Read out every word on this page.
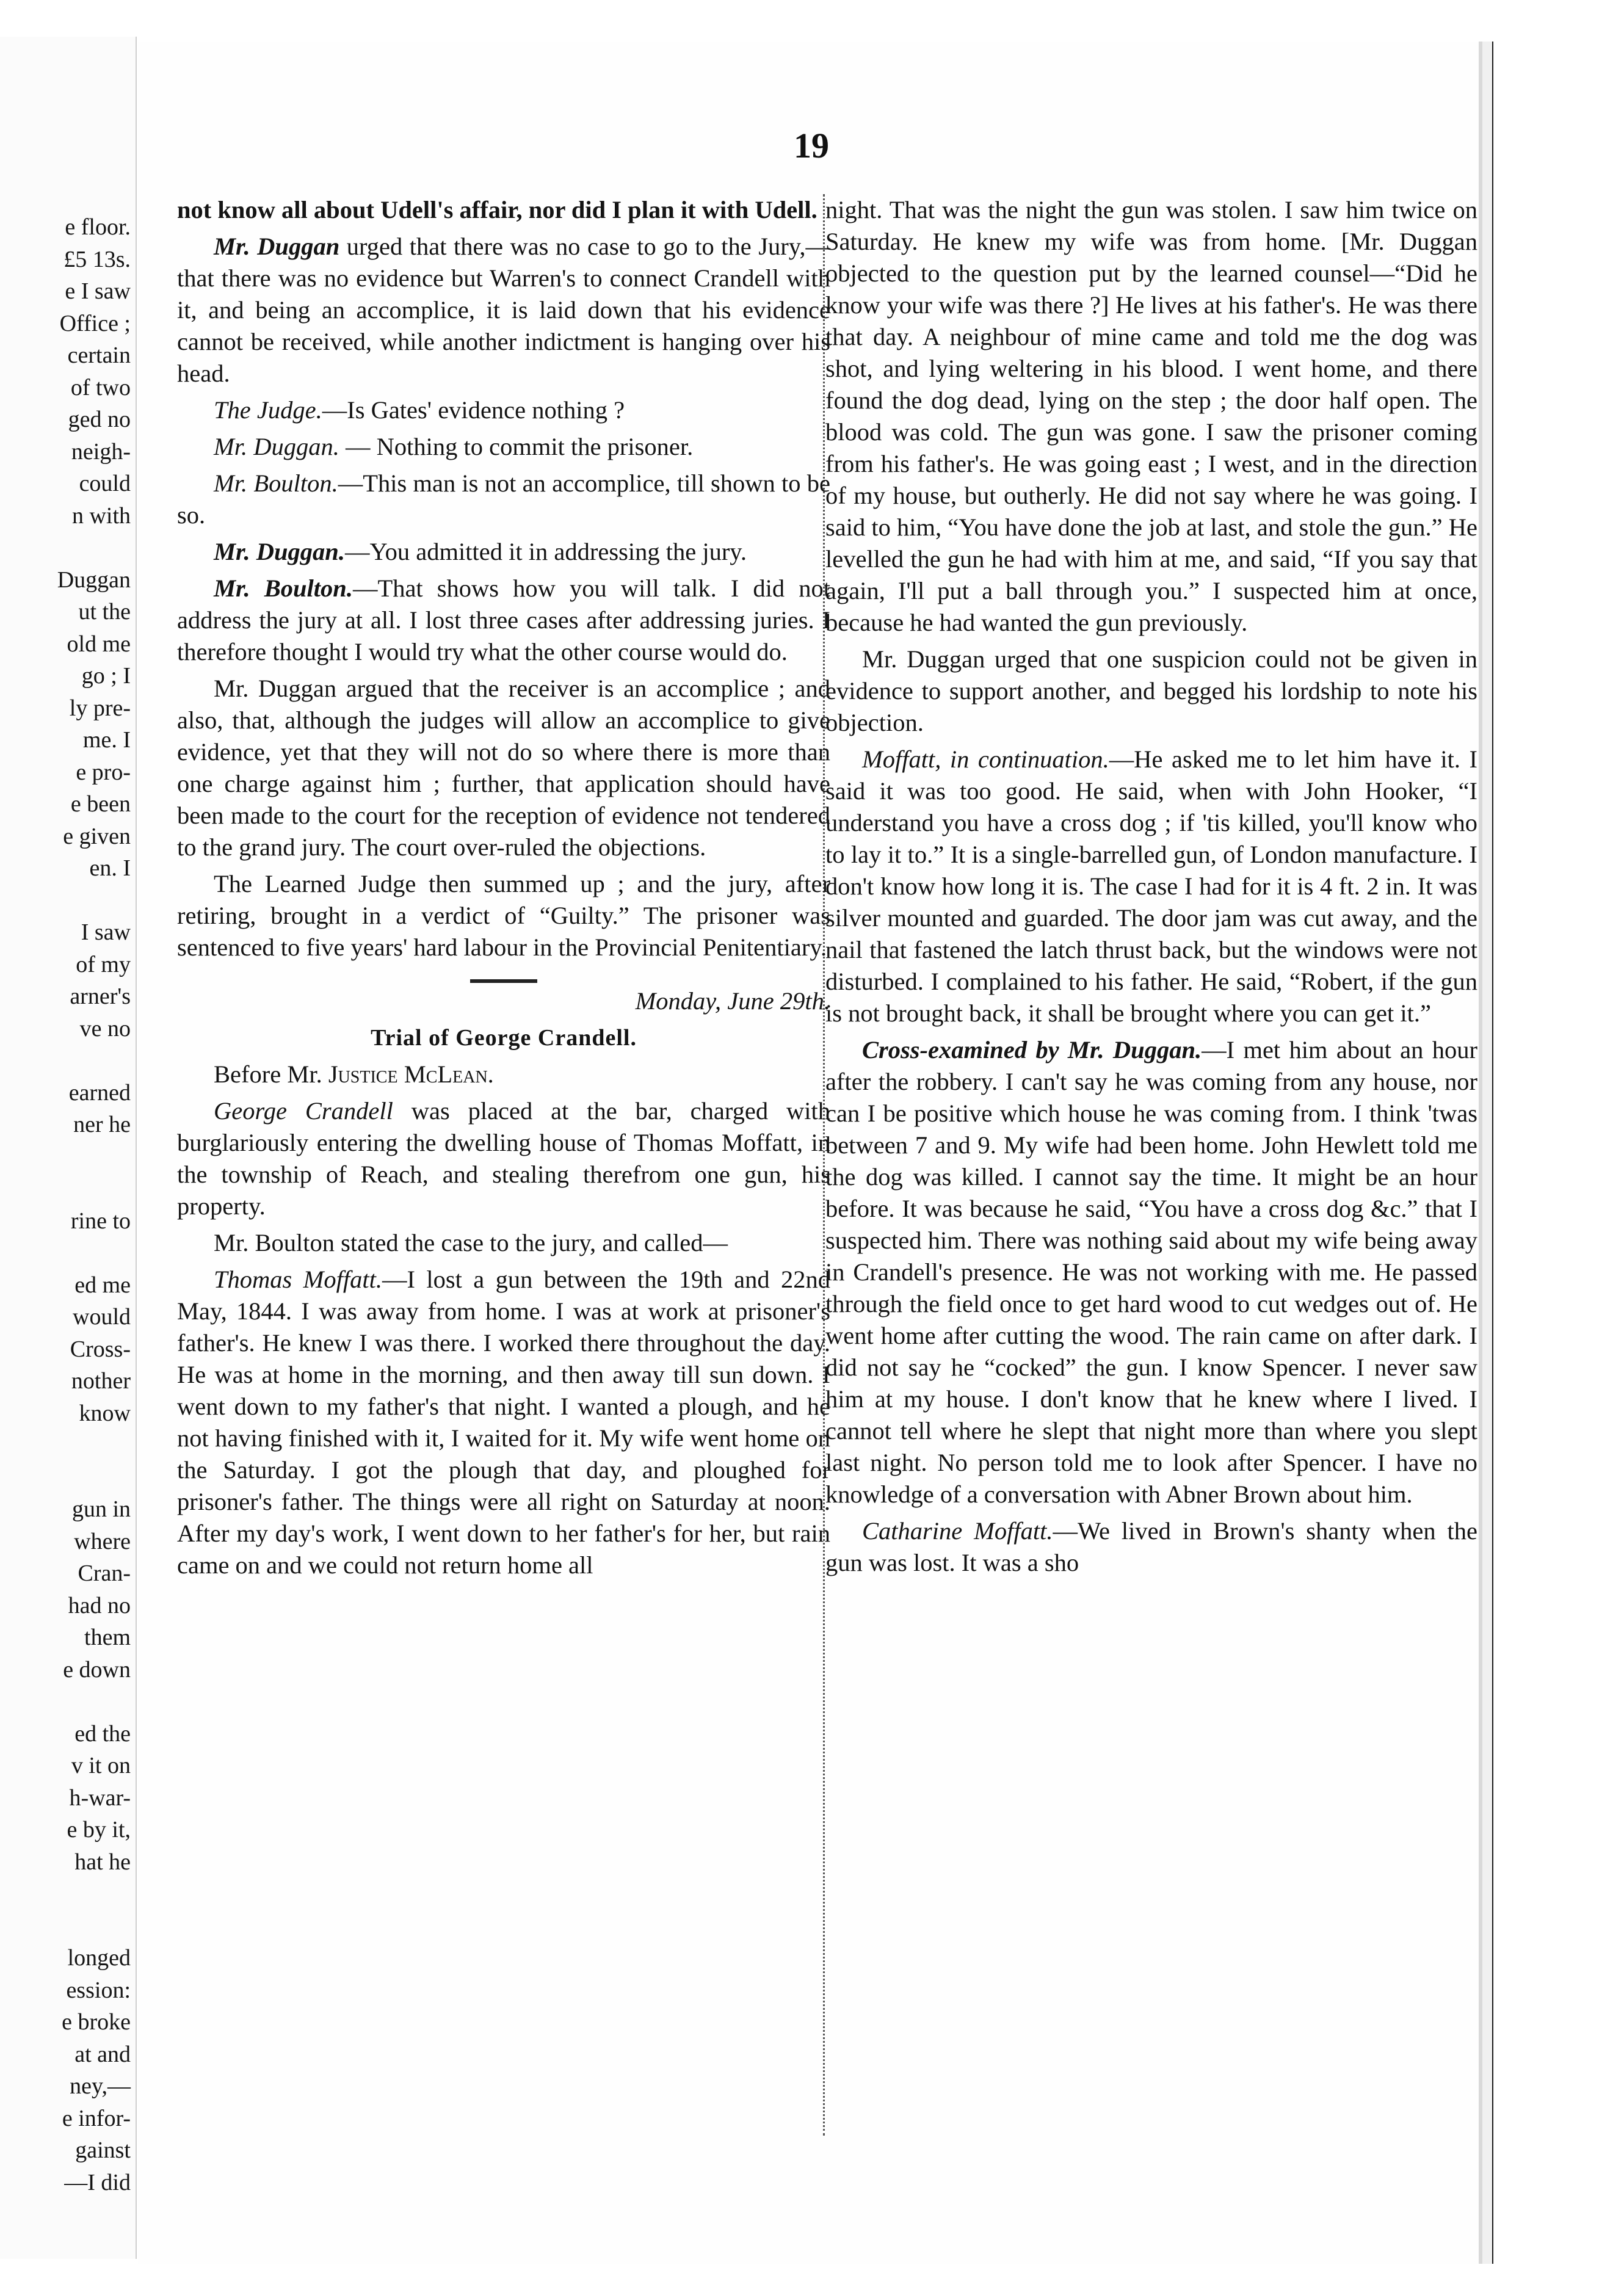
e floor.
£5 13s.
e I saw
Office ;
certain
of two
ged no
neigh-
could
n with
Duggan
ut the
old me
go ; I
ly pre-
me. I
e pro-
e been
e given
en. I
I saw
of my
arner's
ve no
earned
ner he
rine to
ed me
would
Cross-
nother
know
gun in
where
Cran-
had no
them
e down
ed the
v it on
h-war-
e by it,
hat he
longed
ession:
e broke
at and
ney,—
e infor-
gainst
—I did
19

not know all about Udell's affair, nor did I plan it with Udell.

Mr. Duggan urged that there was no case to go to the Jury,—that there was no evidence but Warren's to connect Crandell with it, and being an accomplice, it is laid down that his evidence cannot be received, while another indictment is hanging over his head.

The Judge.—Is Gates' evidence nothing ?

Mr. Duggan. — Nothing to commit the prisoner.

Mr. Boulton.—This man is not an accomplice, till shown to be so.

Mr. Duggan.—You admitted it in addressing the jury.

Mr. Boulton.—That shows how you will talk. I did not address the jury at all. I lost three cases after addressing juries. I therefore thought I would try what the other course would do.

Mr. Duggan argued that the receiver is an accomplice ; and also, that, although the judges will allow an accomplice to give evidence, yet that they will not do so where there is more than one charge against him ; further, that application should have been made to the court for the reception of evidence not tendered to the grand jury. The court over-ruled the objections.

The Learned Judge then summed up ; and the jury, after retiring, brought in a verdict of “Guilty.” The prisoner was sentenced to five years' hard labour in the Provincial Penitentiary.

Monday, June 29th.

Trial of George Crandell.

Before Mr. Justice McLean.

George Crandell was placed at the bar, charged with burglariously entering the dwelling house of Thomas Moffatt, in the township of Reach, and stealing therefrom one gun, his property.

Mr. Boulton stated the case to the jury, and called—

Thomas Moffatt.—I lost a gun between the 19th and 22nd May, 1844. I was away from home. I was at work at prisoner's father's. He knew I was there. I worked there throughout the day. He was at home in the morning, and then away till sun down. I went down to my father's that night. I wanted a plough, and he not having finished with it, I waited for it. My wife went home on the Saturday. I got the plough that day, and ploughed for prisoner's father. The things were all right on Saturday at noon. After my day's work, I went down to her father's for her, but rain came on and we could not return home all

night. That was the night the gun was stolen. I saw him twice on Saturday. He knew my wife was from home. [Mr. Duggan objected to the question put by the learned counsel—“Did he know your wife was there ?] He lives at his father's. He was there that day. A neighbour of mine came and told me the dog was shot, and lying weltering in his blood. I went home, and there found the dog dead, lying on the step ; the door half open. The blood was cold. The gun was gone. I saw the prisoner coming from his father's. He was going east ; I west, and in the direction of my house, but outherly. He did not say where he was going. I said to him, “You have done the job at last, and stole the gun.” He levelled the gun he had with him at me, and said, “If you say that again, I'll put a ball through you.” I suspected him at once, because he had wanted the gun previously.

Mr. Duggan urged that one suspicion could not be given in evidence to support another, and begged his lordship to note his objection.

Moffatt, in continuation.—He asked me to let him have it. I said it was too good. He said, when with John Hooker, “I understand you have a cross dog ; if 'tis killed, you'll know who to lay it to.” It is a single-barrelled gun, of London manufacture. I don't know how long it is. The case I had for it is 4 ft. 2 in. It was silver mounted and guarded. The door jam was cut away, and the nail that fastened the latch thrust back, but the windows were not disturbed. I complained to his father. He said, “Robert, if the gun is not brought back, it shall be brought where you can get it.”

Cross-examined by Mr. Duggan.—I met him about an hour after the robbery. I can't say he was coming from any house, nor can I be positive which house he was coming from. I think 'twas between 7 and 9. My wife had been home. John Hewlett told me the dog was killed. I cannot say the time. It might be an hour before. It was because he said, “You have a cross dog &c.” that I suspected him. There was nothing said about my wife being away in Crandell's presence. He was not working with me. He passed through the field once to get hard wood to cut wedges out of. He went home after cutting the wood. The rain came on after dark. I did not say he “cocked” the gun. I know Spencer. I never saw him at my house. I don't know that he knew where I lived. I cannot tell where he slept that night more than where you slept last night. No person told me to look after Spencer. I have no knowledge of a conversation with Abner Brown about him.

Catharine Moffatt.—We lived in Brown's shanty when the gun was lost. It was a sho
